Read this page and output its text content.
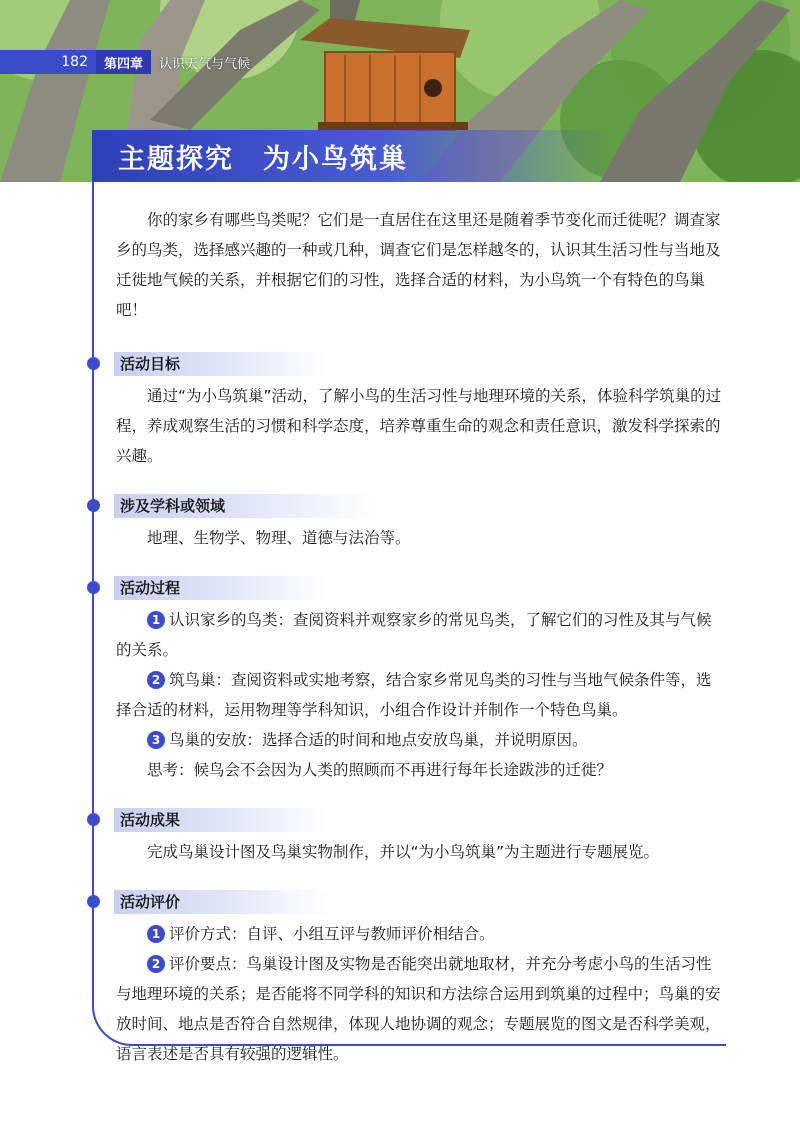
182	第四章	认识天气与气候
主题探究　为小鸟筑巢

你的家乡有哪些鸟类呢？它们是一直居住在这里还是随着季节变化而迁徙呢？调查家乡的鸟类，选择感兴趣的一种或几种，调查它们是怎样越冬的，认识其生活习性与当地及迁徙地气候的关系，并根据它们的习性，选择合适的材料，为小鸟筑一个有特色的鸟巢吧！

活动目标

通过“为小鸟筑巢”活动，了解小鸟的生活习性与地理环境的关系，体验科学筑巢的过程，养成观察生活的习惯和科学态度，培养尊重生命的观念和责任意识，激发科学探索的兴趣。

涉及学科或领域

地理、生物学、物理、道德与法治等。

活动过程

1 认识家乡的鸟类：查阅资料并观察家乡的常见鸟类，了解它们的习性及其与气候的关系。

2 筑鸟巢：查阅资料或实地考察，结合家乡常见鸟类的习性与当地气候条件等，选择合适的材料，运用物理等学科知识，小组合作设计并制作一个特色鸟巢。

3 鸟巢的安放：选择合适的时间和地点安放鸟巢，并说明原因。

思考：候鸟会不会因为人类的照顾而不再进行每年长途跋涉的迁徙？

活动成果

完成鸟巢设计图及鸟巢实物制作，并以“为小鸟筑巢”为主题进行专题展览。

活动评价

1 评价方式：自评、小组互评与教师评价相结合。

2 评价要点：鸟巢设计图及实物是否能突出就地取材，并充分考虑小鸟的生活习性与地理环境的关系；是否能将不同学科的知识和方法综合运用到筑巢的过程中；鸟巢的安放时间、地点是否符合自然规律，体现人地协调的观念；专题展览的图文是否科学美观，语言表述是否具有较强的逻辑性。
